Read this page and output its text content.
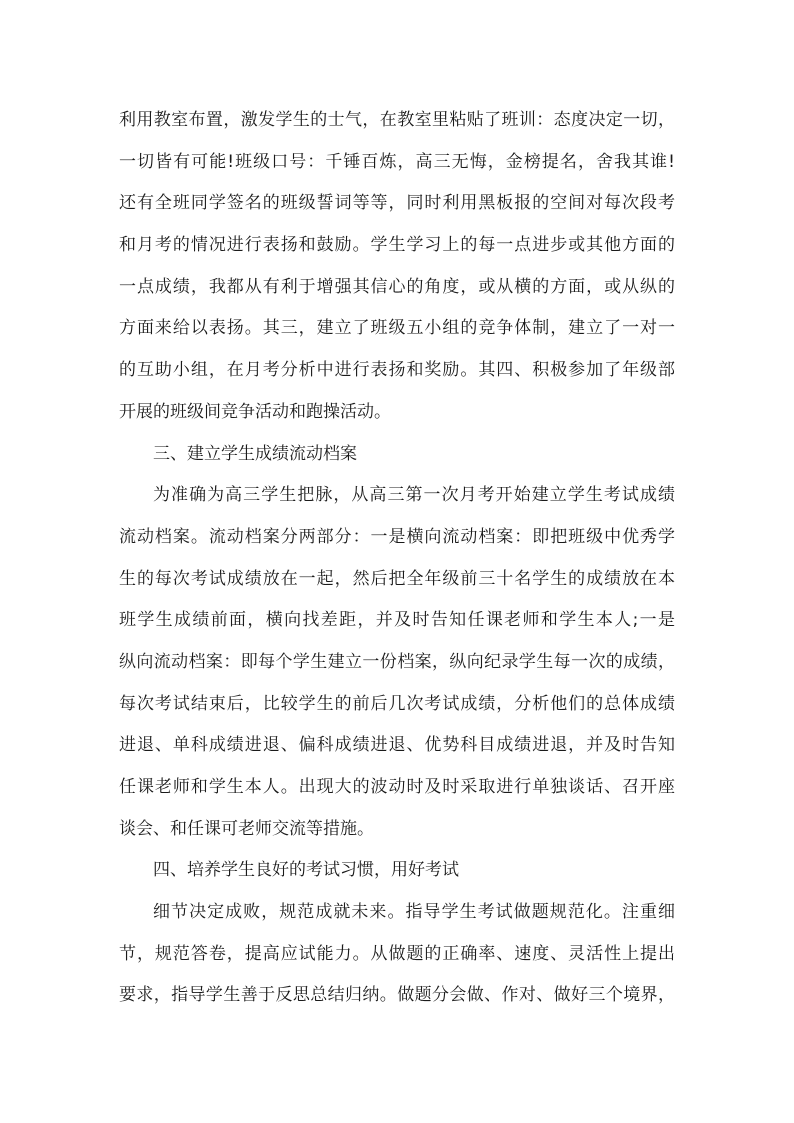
利用教室布置，激发学生的士气，在教室里粘贴了班训：态度决定一切，
一切皆有可能!班级口号：千锤百炼，高三无悔，金榜提名，舍我其谁!
还有全班同学签名的班级誓词等等，同时利用黑板报的空间对每次段考
和月考的情况进行表扬和鼓励。学生学习上的每一点进步或其他方面的
一点成绩，我都从有利于增强其信心的角度，或从横的方面，或从纵的
方面来给以表扬。其三，建立了班级五小组的竞争体制，建立了一对一
的互助小组，在月考分析中进行表扬和奖励。其四、积极参加了年级部
开展的班级间竞争活动和跑操活动。
三、建立学生成绩流动档案
为准确为高三学生把脉，从高三第一次月考开始建立学生考试成绩
流动档案。流动档案分两部分：一是横向流动档案：即把班级中优秀学
生的每次考试成绩放在一起，然后把全年级前三十名学生的成绩放在本
班学生成绩前面，横向找差距，并及时告知任课老师和学生本人;一是
纵向流动档案：即每个学生建立一份档案，纵向纪录学生每一次的成绩，
每次考试结束后，比较学生的前后几次考试成绩，分析他们的总体成绩
进退、单科成绩进退、偏科成绩进退、优势科目成绩进退，并及时告知
任课老师和学生本人。出现大的波动时及时采取进行单独谈话、召开座
谈会、和任课可老师交流等措施。
四、培养学生良好的考试习惯，用好考试
细节决定成败，规范成就未来。指导学生考试做题规范化。注重细
节，规范答卷，提高应试能力。从做题的正确率、速度、灵活性上提出
要求，指导学生善于反思总结归纳。做题分会做、作对、做好三个境界，
